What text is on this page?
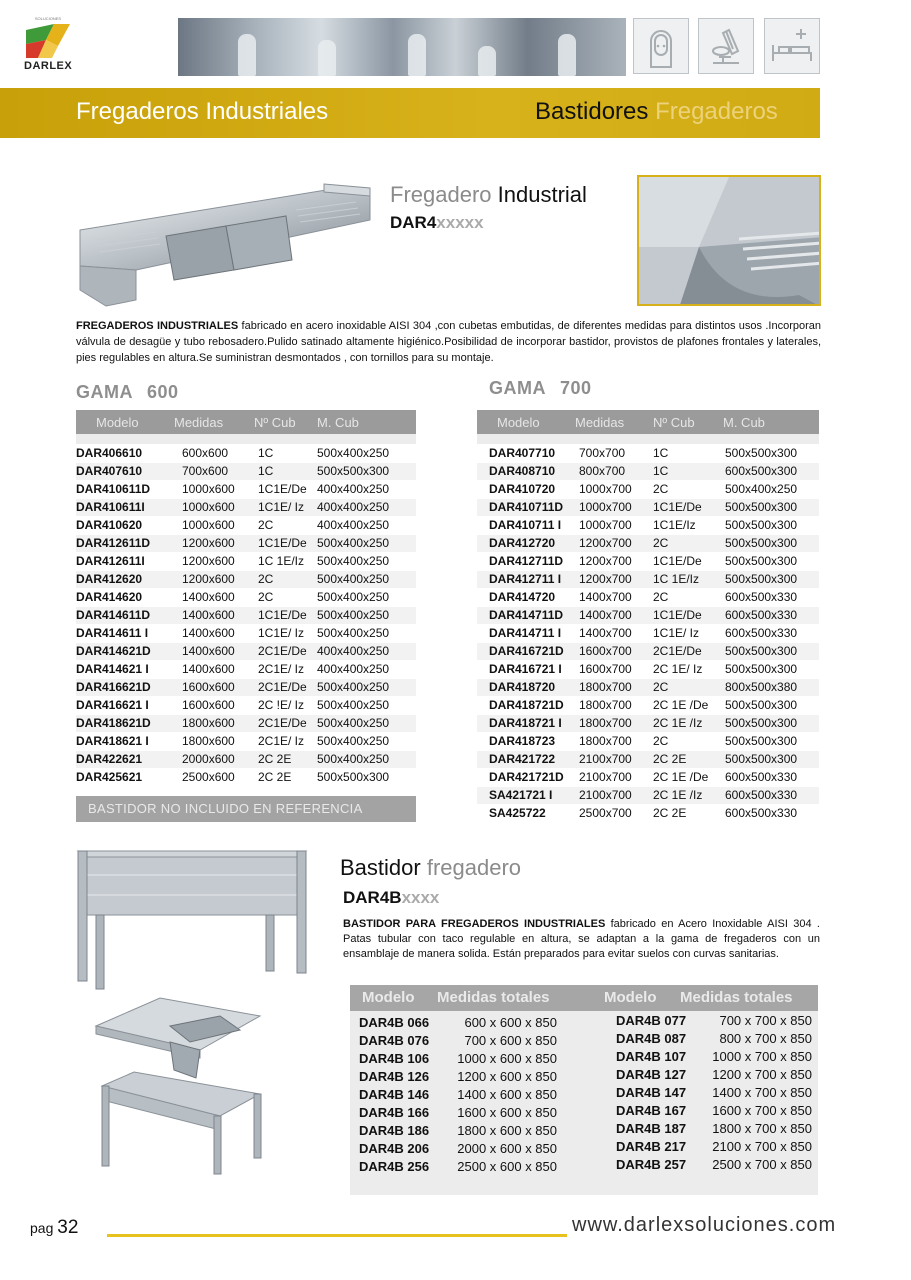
SOLUCIONES
DARLEX
Fregaderos Industriales	Bastidores Fregaderos
Fregadero Industrial
DAR4xxxxx
FREGADEROS INDUSTRIALES fabricado en acero inoxidable AISI 304 ,con cubetas embutidas, de diferentes medidas para distintos usos .Incorporan válvula de desagüe y tubo rebosadero.Pulido satinado altamente higiénico.Posibilidad de incorporar bastidor, provistos de plafones frontales y laterales, pies regulables en altura.Se suministran desmontados , con tornillos para su montaje.
GAMA 600
Modelo	Medidas	Nº Cub	M. Cub

DAR406610	600x600	1C	500x400x250
DAR407610	700x600	1C	500x500x300
DAR410611D	1000x600	1C1E/De	400x400x250
DAR410611I	1000x600	1C1E/ Iz	400x400x250
DAR410620	1000x600	2C	400x400x250
DAR412611D	1200x600	1C1E/De	500x400x250
DAR412611I	1200x600	1C 1E/Iz	500x400x250
DAR412620	1200x600	2C	500x400x250
DAR414620	1400x600	2C	500x400x250
DAR414611D	1400x600	1C1E/De	500x400x250
DAR414611 I	1400x600	1C1E/ Iz	500x400x250
DAR414621D	1400x600	2C1E/De	400x400x250
DAR414621 I	1400x600	2C1E/ Iz	400x400x250
DAR416621D	1600x600	2C1E/De	500x400x250
DAR416621 I	1600x600	2C !E/ Iz	500x400x250
DAR418621D	1800x600	2C1E/De	500x400x250
DAR418621 I	1800x600	2C1E/ Iz	500x400x250
DAR422621	2000x600	2C 2E	500x400x250
DAR425621	2500x600	2C 2E	500x500x300
BASTIDOR NO INCLUIDO EN REFERENCIA
GAMA 700
Modelo	Medidas	Nº Cub	M. Cub

DAR407710	700x700	1C	500x500x300
DAR408710	800x700	1C	600x500x300
DAR410720	1000x700	2C	500x400x250
DAR410711D	1000x700	1C1E/De	500x500x300
DAR410711 I	1000x700	1C1E/Iz	500x500x300
DAR412720	1200x700	2C	500x500x300
DAR412711D	1200x700	1C1E/De	500x500x300
DAR412711 I	1200x700	1C 1E/Iz	500x500x300
DAR414720	1400x700	2C	600x500x330
DAR414711D	1400x700	1C1E/De	600x500x330
DAR414711 I	1400x700	1C1E/ Iz	600x500x330
DAR416721D	1600x700	2C1E/De	500x500x300
DAR416721 I	1600x700	2C 1E/ Iz	500x500x300
DAR418720	1800x700	2C	800x500x380
DAR418721D	1800x700	2C 1E /De	500x500x300
DAR418721 I	1800x700	2C 1E /Iz	500x500x300
DAR418723	1800x700	2C	500x500x300
DAR421722	2100x700	2C 2E	500x500x300
DAR421721D	2100x700	2C 1E /De	600x500x330
SA421721 I	2100x700	2C 1E /Iz	600x500x330
SA425722	2500x700	2C 2E	600x500x330
Bastidor fregadero
DAR4Bxxxx
BASTIDOR PARA FREGADEROS INDUSTRIALES fabricado en Acero Inoxidable AISI 304 . Patas tubular con taco regulable en altura, se adaptan a la gama de fregaderos con un ensamblaje de manera solida. Están preparados para evitar suelos con curvas sanitarias.
Modelo Medidas totales	Modelo Medidas totales
DAR4B 066	600 x 600 x 850
DAR4B 076	700 x 600 x 850
DAR4B 106 1000 x 600 x 850
DAR4B 126 1200 x 600 x 850
DAR4B 146 1400 x 600 x 850
DAR4B 166 1600 x 600 x 850
DAR4B 186 1800 x 600 x 850
DAR4B 206 2000 x 600 x 850
DAR4B 256 2500 x 600 x 850
DAR4B 077	700 x 700 x 850
DAR4B 087	800 x 700 x 850
DAR4B 107 1000 x 700 x 850
DAR4B 127 1200 x 700 x 850
DAR4B 147 1400 x 700 x 850
DAR4B 167 1600 x 700 x 850
DAR4B 187 1800 x 700 x 850
DAR4B 217 2100 x 700 x 850
DAR4B 257 2500 x 700 x 850
pag 32	www.darlexsoluciones.com
